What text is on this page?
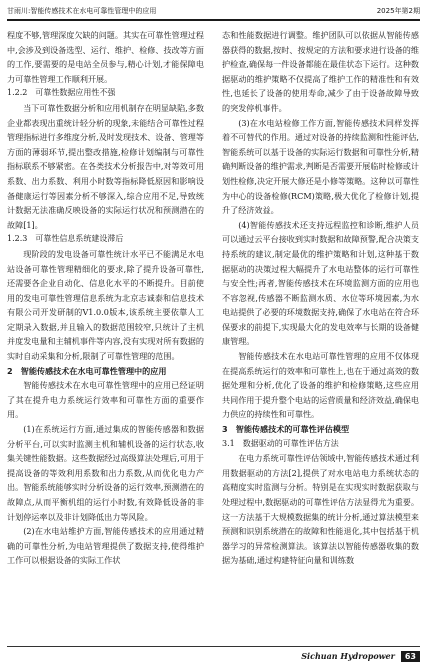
甘雨川:智能传感技术在水电可靠性管理中的应用	2025年第2期

程度不够,管理深度欠缺的问题。其实在可靠性管理过程中,会涉及到设备选型、运行、维护、检修、技改等方面的工作,要需要的是电站全员参与,精心计划,才能保障电力可靠性管理工作顺利开展。

1.2.2　可靠性数据应用性不强

当下可靠性数据分析和应用机制存在明显缺陷,多数企业都表现出重统计轻分析的现象,未能结合可靠性过程管理指标进行多维度分析,及时发现技术、设备、管理等方面的薄弱环节,提出整改措施,检修计划编制与可靠性指标联系不够紧密。在各类技术分析报告中,对等效可用系数、出力系数、利用小时数等指标降低原因和影响设备健康运行等因素分析不够深入,综合应用不足,导致统计数据无法准确反映设备的实际运行状况和预测潜在的故障[1]。

1.2.3　可靠性信息系统建设滞后

现阶段的发电设备可靠性统计水平已不能满足水电站设备可靠性管理精细化的要求,除了提升设备可靠性,还需要各企业自动化、信息化水平的不断提升。目前使用的发电可靠性管理信息系统为北京志诚泰和信息技术有限公司开发研制的V1.0.0版本,该系统主要依靠人工定期录入数据,并且输入的数据范围较窄,只统计了主机并度发电量和主辅机事件等内容,没有实现对所有数据的实时自动采集和分析,限制了可靠性管理的范围。

2　智能传感技术在水电可靠性管理中的应用

智能传感技术在水电可靠性管理中的应用已经证明了其在提升电力系统运行效率和可靠性方面的重要作用。

(1)在系统运行方面,通过集成的智能传感器和数据分析平台,可以实时监测主机和辅机设备的运行状态,收集关键性能数据。这些数据经过高级算法处理后,可用于提高设备的等效利用系数和出力系数,从而优化电力产出。智能系统能够实时分析设备的运行效率,预测潜在的故障点,从而平衡机组的运行小时数,有效降低设备的非计划停运率以及非计划降低出力等风险。

(2)在水电站维护方面,智能传感技术的应用通过精确的可靠性分析,为电站管理提供了数据支持,使得维护工作可以根据设备的实际工作状

态和性能数据进行调整。维护团队可以依据从智能传感器获得的数据,按时、按规定的方法和要求进行设备的维护检查,确保每一件设备都能在最佳状态下运行。这种数据驱动的维护策略不仅提高了维护工作的精准性和有效性,也延长了设备的使用寿命,减少了由于设备故障导致的突发停机事件。

(3)在水电站检修工作方面,智能传感技术同样发挥着不可替代的作用。通过对设备的持续监测和性能评估,智能系统可以基于设备的实际运行数据和可靠性分析,精确判断设备的维护需求,判断是否需要开展临时检修或计划性检修,决定开展大修还是小修等策略。这种以可靠性为中心的设备检修(RCM)策略,极大优化了检修计划,提升了经济效益。

(4)智能传感技术还支持远程监控和诊断,维护人员可以通过云平台接收到实时数据和故障预警,配合决策支持系统的建议,制定最优的维护策略和计划,这种基于数据驱动的决策过程大幅提升了水电站整体的运行可靠性与安全性;再者,智能传感技术在环境监测方面的应用也不容忽视,传感器不断监测水质、水位等环境因素,为水电站提供了必要的环境数据支持,确保了水电站在符合环保要求的前提下,实现最大化的发电效率与长期的设备健康管理。

智能传感技术在水电站可靠性管理的应用不仅体现在提高系统运行的效率和可靠性上,也在于通过高效的数据处理和分析,优化了设备的维护和检修策略,这些应用共同作用于提升整个电站的运营质量和经济效益,确保电力供应的持续性和可靠性。

3　智能传感技术的可靠性评估模型

3.1　数据驱动的可靠性评估方法

在电力系统可靠性评估领域中,智能传感技术通过利用数据驱动的方法[2],提供了对水电站电力系统状态的高精度实时监测与分析。特别是在实现实时数据获取与处理过程中,数据驱动的可靠性评估方法显得尤为重要。这一方法基于大规模数据集的统计分析,通过算法模型来预测和识别系统潜在的故障和性能退化,其中包括基于机器学习的异常检测算法。该算法以智能传感器收集的数据为基础,通过构建特征向量和训练数

Sichuan Hydropower	63
